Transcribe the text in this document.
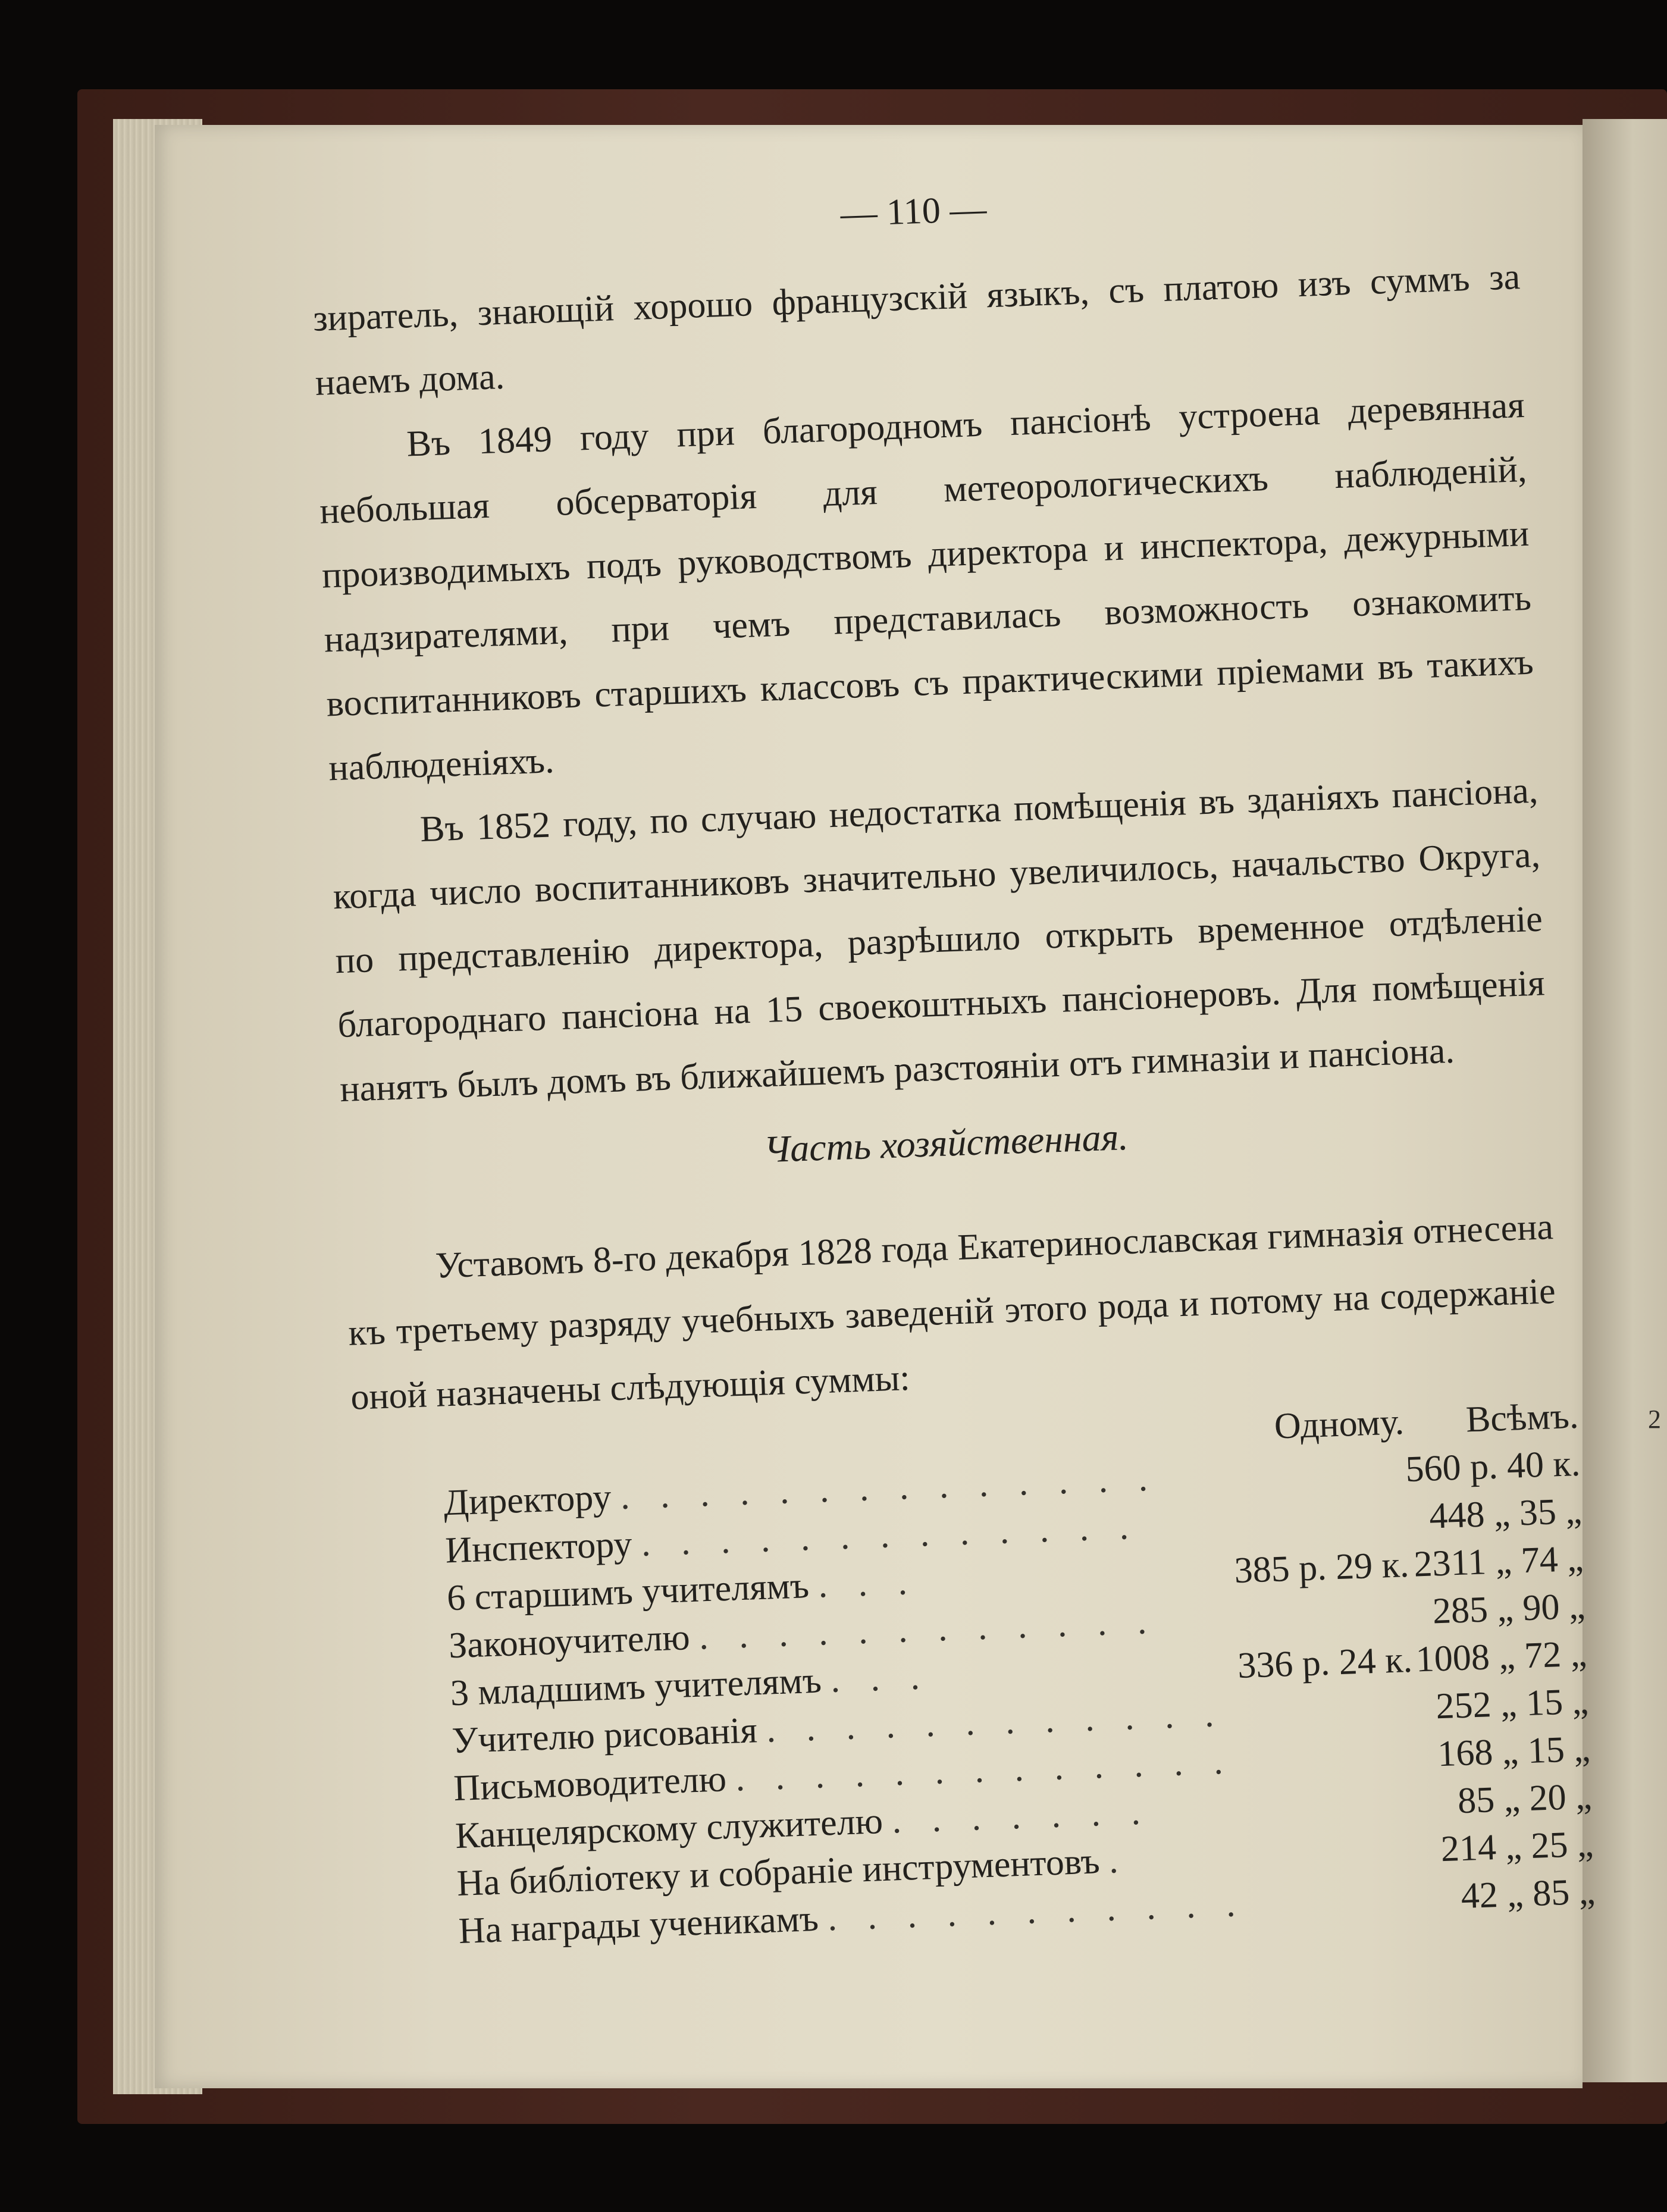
2
— 110 —

зиратель, знающій хорошо французскій языкъ, съ платою изъ суммъ за наемъ дома.

Въ 1849 году при благородномъ пансіонѣ устроена деревянная небольшая обсерваторія для метеорологическихъ наблюденій, производимыхъ подъ руководствомъ директора и инспектора, дежурными надзирателями, при чемъ представилась возможность ознакомить воспитанниковъ старшихъ классовъ съ практическими пріемами въ такихъ наблюденіяхъ.

Въ 1852 году, по случаю недостатка помѣщенія въ зданіяхъ пансіона, когда число воспитанниковъ значительно увеличилось, начальство Округа, по представленію директора, разрѣшило открыть временное отдѣленіе благороднаго пансіона на 15 своекоштныхъ пансіонеровъ. Для помѣщенія нанятъ былъ домъ въ ближайшемъ разстояніи отъ гимназіи и пансіона.

Часть хозяйственная.

Уставомъ 8-го декабря 1828 года Екатеринославская гимназія отнесена къ третьему разряду учебныхъ заведеній этого рода и потому на содержаніе оной назначены слѣдующія суммы:

	Одному.	Всѣмъ.
Директору . . . . . . . . . . . . . .		560 р. 40 к.
Инспектору . . . . . . . . . . . . .		448 „ 35 „
6 старшимъ учителямъ . . .	385 р. 29 к.	2311 „ 74 „
Законоучителю . . . . . . . . . . . .		285 „ 90 „
3 младшимъ учителямъ . . .	336 р. 24 к.	1008 „ 72 „
Учителю рисованія . . . . . . . . . . . .		252 „ 15 „
Письмоводителю . . . . . . . . . . . . .		168 „ 15 „
Канцелярскому служителю . . . . . . .		85 „ 20 „
На библіотеку и собраніе инструментовъ .		214 „ 25 „
На награды ученикамъ . . . . . . . . . . .		42 „ 85 „
